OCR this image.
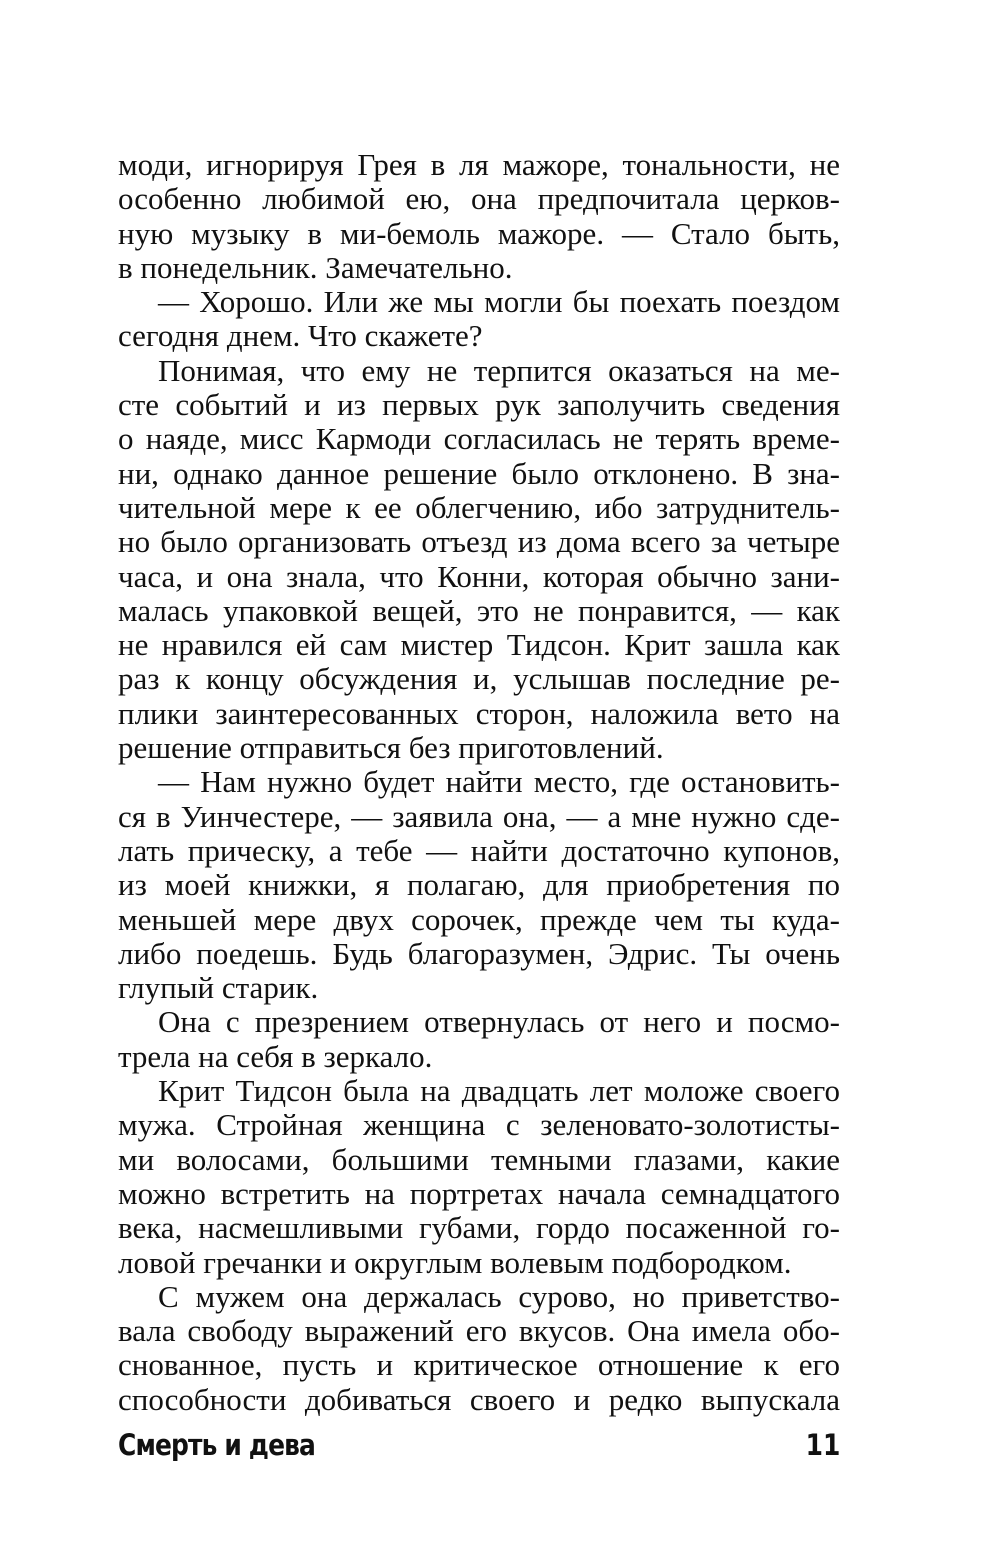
моди, игнорируя Грея в ля мажоре, тональности, не
особенно любимой ею, она предпочитала церков-
ную музыку в ми-бемоль мажоре. — Стало быть,
в понедельник. Замечательно.
— Хорошо. Или же мы могли бы поехать поездом
сегодня днем. Что скажете?
Понимая, что ему не терпится оказаться на ме-
сте событий и из первых рук заполучить сведения
о наяде, мисс Кармоди согласилась не терять време-
ни, однако данное решение было отклонено. В зна-
чительной мере к ее облегчению, ибо затруднитель-
но было организовать отъезд из дома всего за четыре
часа, и она знала, что Конни, которая обычно зани-
малась упаковкой вещей, это не понравится, — как
не нравился ей сам мистер Тидсон. Крит зашла как
раз к концу обсуждения и, услышав последние ре-
плики заинтересованных сторон, наложила вето на
решение отправиться без приготовлений.
— Нам нужно будет найти место, где остановить-
ся в Уинчестере, — заявила она, — а мне нужно сде-
лать прическу, а тебе — найти достаточно купонов,
из моей книжки, я полагаю, для приобретения по
меньшей мере двух сорочек, прежде чем ты куда-
либо поедешь. Будь благоразумен, Эдрис. Ты очень
глупый старик.
Она с презрением отвернулась от него и посмо-
трела на себя в зеркало.
Крит Тидсон была на двадцать лет моложе своего
мужа. Стройная женщина с зеленовато-золотисты-
ми волосами, большими темными глазами, какие
можно встретить на портретах начала семнадцатого
века, насмешливыми губами, гордо посаженной го-
ловой гречанки и округлым волевым подбородком.
С мужем она держалась сурово, но приветство-
вала свободу выражений его вкусов. Она имела обо-
снованное, пусть и критическое отношение к его
способности добиваться своего и редко выпускала
Смерть и дева	11
